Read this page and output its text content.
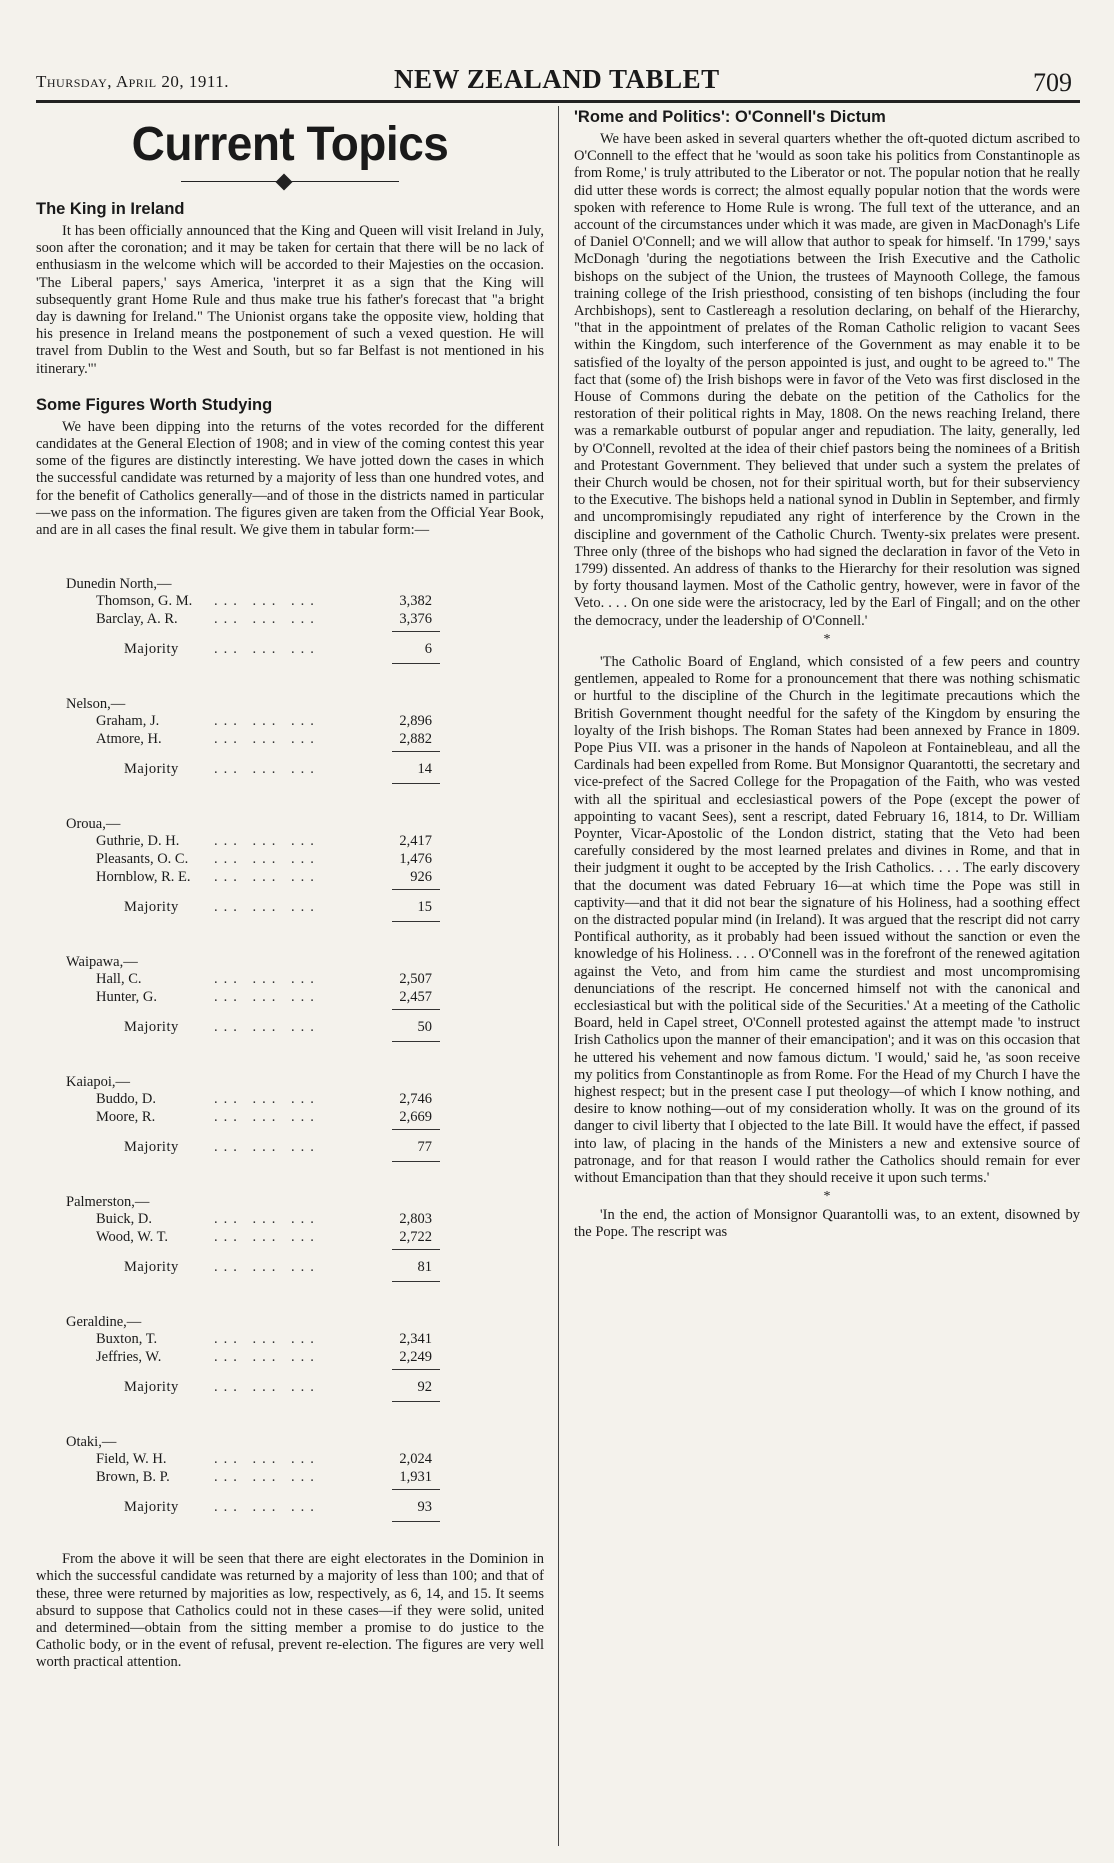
Thursday, April 20, 1911.	NEW ZEALAND TABLET	709
Current Topics
The King in Ireland

It has been officially announced that the King and Queen will visit Ireland in July, soon after the coronation; and it may be taken for certain that there will be no lack of enthusiasm in the welcome which will be accorded to their Majesties on the occasion. 'The Liberal papers,' says America, 'interpret it as a sign that the King will subsequently grant Home Rule and thus make true his father's forecast that "a bright day is dawning for Ireland." The Unionist organs take the opposite view, holding that his presence in Ireland means the postponement of such a vexed question. He will travel from Dublin to the West and South, but so far Belfast is not mentioned in his itinerary."'

Some Figures Worth Studying

We have been dipping into the returns of the votes recorded for the different candidates at the General Election of 1908; and in view of the coming contest this year some of the figures are distinctly interesting. We have jotted down the cases in which the successful candidate was returned by a majority of less than one hundred votes, and for the benefit of Catholics generally—and of those in the districts named in particular—we pass on the information. The figures given are taken from the Official Year Book, and are in all cases the final result. We give them in tabular form:—

Dunedin North,—
Thomson, G. M. ... ... ...	3,382
Barclay, A. R.	... ... ...	3,376
Majority ... ... ...	6
Nelson,—
Graham, J.	... ... ...	2,896
Atmore, H.	... ... ...	2,882
Majority ... ... ...	14
Oroua,—
Guthrie, D. H. ... ... ...	2,417
Pleasants, O. C. ... ... ...	1,476
Hornblow, R. E. ... ... ...	926
Majority ... ... ...	15
Waipawa,—
Hall, C.	... ... ...	2,507
Hunter, G.	... ... ...	2,457
Majority ... ... ...	50
Kaiapoi,—
Buddo, D.	... ... ...	2,746
Moore, R.	... ... ...	2,669
Majority ... ... ...	77
Palmerston,—
Buick, D.	... ... ...	2,803
Wood, W. T.	... ... ...	2,722
Majority ... ... ...	81
Geraldine,—
Buxton, T.	... ... ...	2,341
Jeffries, W.	... ... ...	2,249
Majority ... ... ...	92
Otaki,—
Field, W. H.	... ... ...	2,024
Brown, B. P.	... ... ...	1,931
Majority ... ... ...	93

From the above it will be seen that there are eight electorates in the Dominion in which the successful candidate was returned by a majority of less than 100; and that of these, three were returned by majorities as low, respectively, as 6, 14, and 15. It seems absurd to suppose that Catholics could not in these cases—if they were solid, united and determined—obtain from the sitting member a promise to do justice to the Catholic body, or in the event of refusal, prevent re-election. The figures are very well worth practical attention.

'Rome and Politics': O'Connell's Dictum

We have been asked in several quarters whether the oft-quoted dictum ascribed to O'Connell to the effect that he 'would as soon take his politics from Constantinople as from Rome,' is truly attributed to the Liberator or not. The popular notion that he really did utter these words is correct; the almost equally popular notion that the words were spoken with reference to Home Rule is wrong. The full text of the utterance, and an account of the circumstances under which it was made, are given in MacDonagh's Life of Daniel O'Connell; and we will allow that author to speak for himself. 'In 1799,' says McDonagh 'during the negotiations between the Irish Executive and the Catholic bishops on the subject of the Union, the trustees of Maynooth College, the famous training college of the Irish priesthood, consisting of ten bishops (including the four Archbishops), sent to Castlereagh a resolution declaring, on behalf of the Hierarchy, "that in the appointment of prelates of the Roman Catholic religion to vacant Sees within the Kingdom, such interference of the Government as may enable it to be satisfied of the loyalty of the person appointed is just, and ought to be agreed to." The fact that (some of) the Irish bishops were in favor of the Veto was first disclosed in the House of Commons during the debate on the petition of the Catholics for the restoration of their political rights in May, 1808. On the news reaching Ireland, there was a remarkable outburst of popular anger and repudiation. The laity, generally, led by O'Connell, revolted at the idea of their chief pastors being the nominees of a British and Protestant Government. They believed that under such a system the prelates of their Church would be chosen, not for their spiritual worth, but for their subserviency to the Executive. The bishops held a national synod in Dublin in September, and firmly and uncompromisingly repudiated any right of interference by the Crown in the discipline and government of the Catholic Church. Twenty-six prelates were present. Three only (three of the bishops who had signed the declaration in favor of the Veto in 1799) dissented. An address of thanks to the Hierarchy for their resolution was signed by forty thousand laymen. Most of the Catholic gentry, however, were in favor of the Veto. . . . On one side were the aristocracy, led by the Earl of Fingall; and on the other the democracy, under the leadership of O'Connell.'

*

'The Catholic Board of England, which consisted of a few peers and country gentlemen, appealed to Rome for a pronouncement that there was nothing schismatic or hurtful to the discipline of the Church in the legitimate precautions which the British Government thought needful for the safety of the Kingdom by ensuring the loyalty of the Irish bishops. The Roman States had been annexed by France in 1809. Pope Pius VII. was a prisoner in the hands of Napoleon at Fontainebleau, and all the Cardinals had been expelled from Rome. But Monsignor Quarantotti, the secretary and vice-prefect of the Sacred College for the Propagation of the Faith, who was vested with all the spiritual and ecclesiastical powers of the Pope (except the power of appointing to vacant Sees), sent a rescript, dated February 16, 1814, to Dr. William Poynter, Vicar-Apostolic of the London district, stating that the Veto had been carefully considered by the most learned prelates and divines in Rome, and that in their judgment it ought to be accepted by the Irish Catholics. . . . The early discovery that the document was dated February 16—at which time the Pope was still in captivity—and that it did not bear the signature of his Holiness, had a soothing effect on the distracted popular mind (in Ireland). It was argued that the rescript did not carry Pontifical authority, as it probably had been issued without the sanction or even the knowledge of his Holiness. . . . O'Connell was in the forefront of the renewed agitation against the Veto, and from him came the sturdiest and most uncompromising denunciations of the rescript. He concerned himself not with the canonical and ecclesiastical but with the political side of the Securities.' At a meeting of the Catholic Board, held in Capel street, O'Connell protested against the attempt made 'to instruct Irish Catholics upon the manner of their emancipation'; and it was on this occasion that he uttered his vehement and now famous dictum. 'I would,' said he, 'as soon receive my politics from Constantinople as from Rome. For the Head of my Church I have the highest respect; but in the present case I put theology—of which I know nothing, and desire to know nothing—out of my consideration wholly. It was on the ground of its danger to civil liberty that I objected to the late Bill. It would have the effect, if passed into law, of placing in the hands of the Ministers a new and extensive source of patronage, and for that reason I would rather the Catholics should remain for ever without Emancipation than that they should receive it upon such terms.'

*

'In the end, the action of Monsignor Quarantolli was, to an extent, disowned by the Pope. The rescript was
